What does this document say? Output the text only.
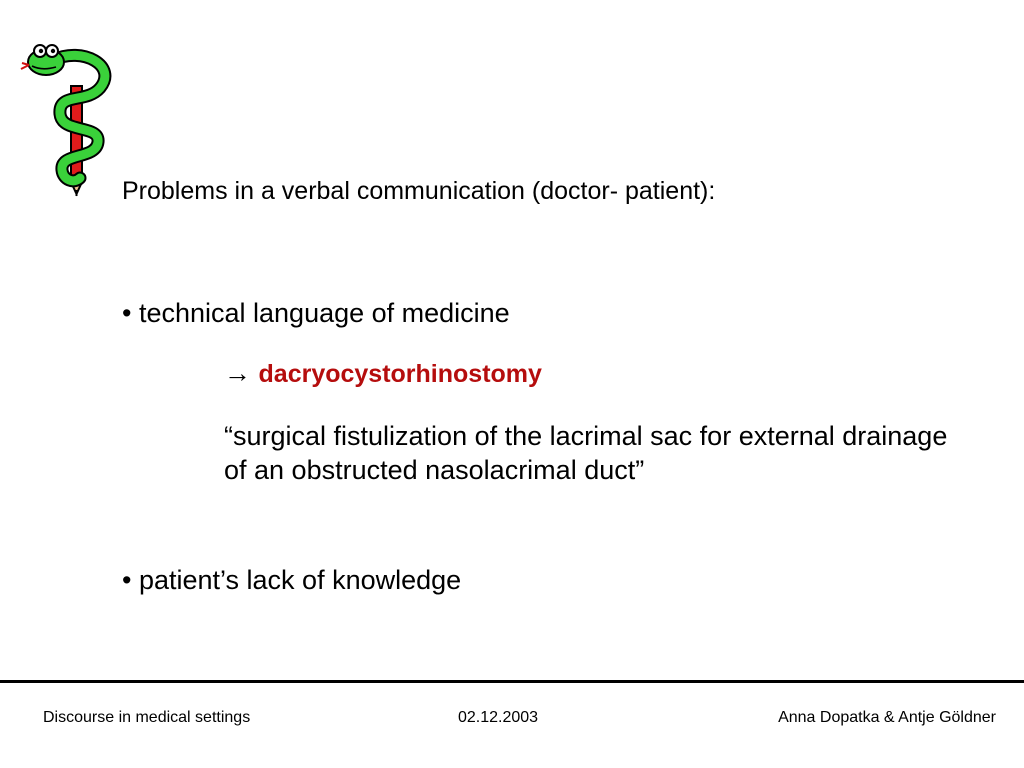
Problems in a verbal communication (doctor- patient):
• technical language of medicine
→ dacryocystorhinostomy
“surgical fistulization of the lacrimal sac for external drainage of an obstructed nasolacrimal duct”
• patient’s lack of knowledge
Discourse in medical settings	02.12.2003	Anna Dopatka & Antje Göldner
